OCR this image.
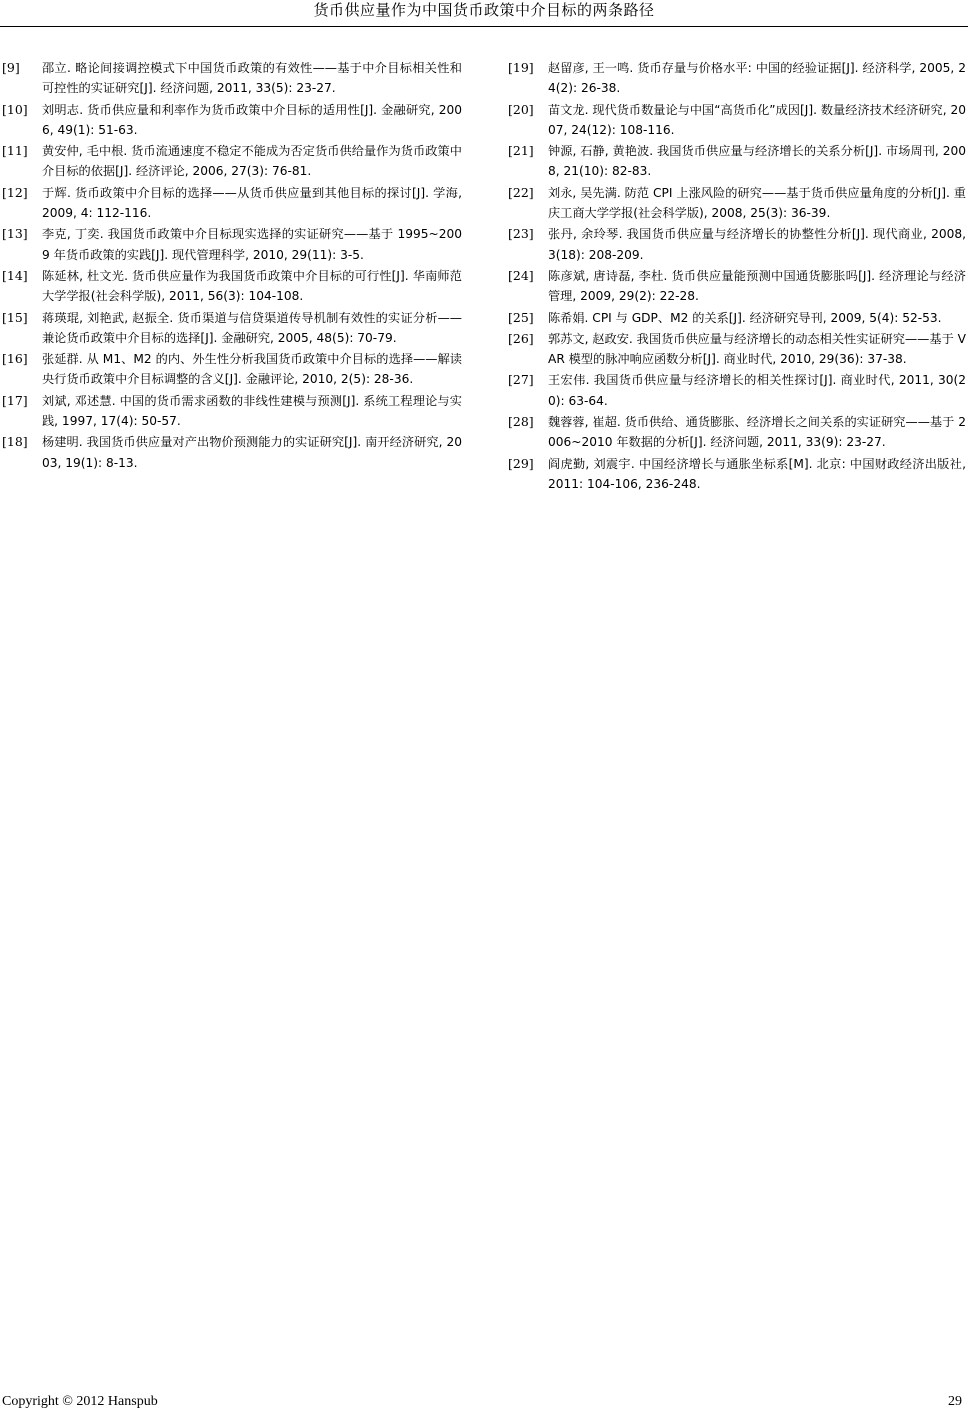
货币供应量作为中国货币政策中介目标的两条路径
[9]	邵立. 略论间接调控模式下中国货币政策的有效性——基于中介目标相关性和可控性的实证研究[J]. 经济问题, 2011, 33(5): 23-27.
[10]	刘明志. 货币供应量和利率作为货币政策中介目标的适用性[J]. 金融研究, 2006, 49(1): 51-63.
[11]	黄安仲, 毛中根. 货币流通速度不稳定不能成为否定货币供给量作为货币政策中介目标的依据[J]. 经济评论, 2006, 27(3): 76-81.
[12]	于辉. 货币政策中介目标的选择——从货币供应量到其他目标的探讨[J]. 学海, 2009, 4: 112-116.
[13]	李克, 丁奕. 我国货币政策中介目标现实选择的实证研究——基于 1995~2009 年货币政策的实践[J]. 现代管理科学, 2010, 29(11): 3-5.
[14]	陈延林, 杜文光. 货币供应量作为我国货币政策中介目标的可行性[J]. 华南师范大学学报(社会科学版), 2011, 56(3): 104-108.
[15]	蒋瑛琨, 刘艳武, 赵振全. 货币渠道与信贷渠道传导机制有效性的实证分析——兼论货币政策中介目标的选择[J]. 金融研究, 2005, 48(5): 70-79.
[16]	张延群. 从 M1、M2 的内、外生性分析我国货币政策中介目标的选择——解读央行货币政策中介目标调整的含义[J]. 金融评论, 2010, 2(5): 28-36.
[17]	刘斌, 邓述慧. 中国的货币需求函数的非线性建模与预测[J]. 系统工程理论与实践, 1997, 17(4): 50-57.
[18]	杨建明. 我国货币供应量对产出物价预测能力的实证研究[J]. 南开经济研究, 2003, 19(1): 8-13.
[19]	赵留彦, 王一鸣. 货币存量与价格水平: 中国的经验证据[J]. 经济科学, 2005, 24(2): 26-38.
[20]	苗文龙. 现代货币数量论与中国“高货币化”成因[J]. 数量经济技术经济研究, 2007, 24(12): 108-116.
[21]	钟源, 石静, 黄艳波. 我国货币供应量与经济增长的关系分析[J]. 市场周刊, 2008, 21(10): 82-83.
[22]	刘永, 吴先满. 防范 CPI 上涨风险的研究——基于货币供应量角度的分析[J]. 重庆工商大学学报(社会科学版), 2008, 25(3): 36-39.
[23]	张丹, 余玲琴. 我国货币供应量与经济增长的协整性分析[J]. 现代商业, 2008, 3(18): 208-209.
[24]	陈彦斌, 唐诗磊, 李杜. 货币供应量能预测中国通货膨胀吗[J]. 经济理论与经济管理, 2009, 29(2): 22-28.
[25]	陈希娟. CPI 与 GDP、M2 的关系[J]. 经济研究导刊, 2009, 5(4): 52-53.
[26]	郭苏文, 赵政安. 我国货币供应量与经济增长的动态相关性实证研究——基于 VAR 模型的脉冲响应函数分析[J]. 商业时代, 2010, 29(36): 37-38.
[27]	王宏伟. 我国货币供应量与经济增长的相关性探讨[J]. 商业时代, 2011, 30(20): 63-64.
[28]	魏蓉蓉, 崔超. 货币供给、通货膨胀、经济增长之间关系的实证研究——基于 2006~2010 年数据的分析[J]. 经济问题, 2011, 33(9): 23-27.
[29]	阎虎勤, 刘震宇. 中国经济增长与通胀坐标系[M]. 北京: 中国财政经济出版社, 2011: 104-106, 236-248.
Copyright © 2012 Hanspub	29
